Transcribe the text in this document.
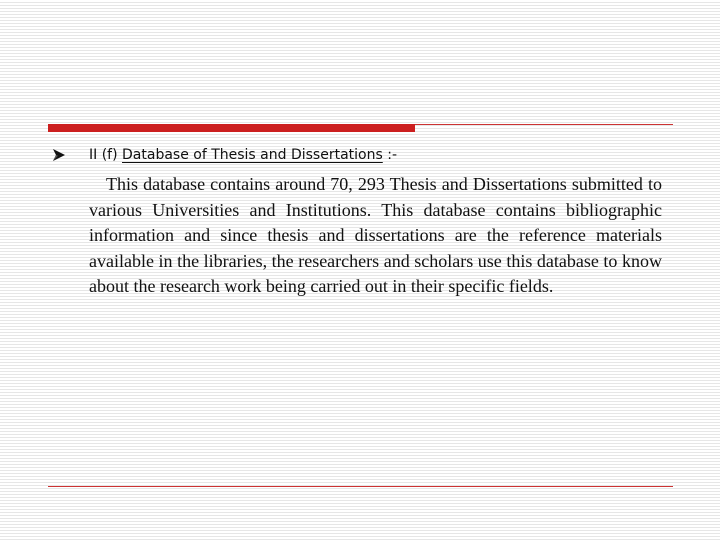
II (f) Database of Thesis and Dissertations :-

This database contains around 70, 293 Thesis and Dissertations submitted to various Universities and Institutions. This database contains bibliographic information and since thesis and dissertations are the reference materials available in the libraries, the researchers and scholars use this database to know about the research work being carried out in their specific fields.
